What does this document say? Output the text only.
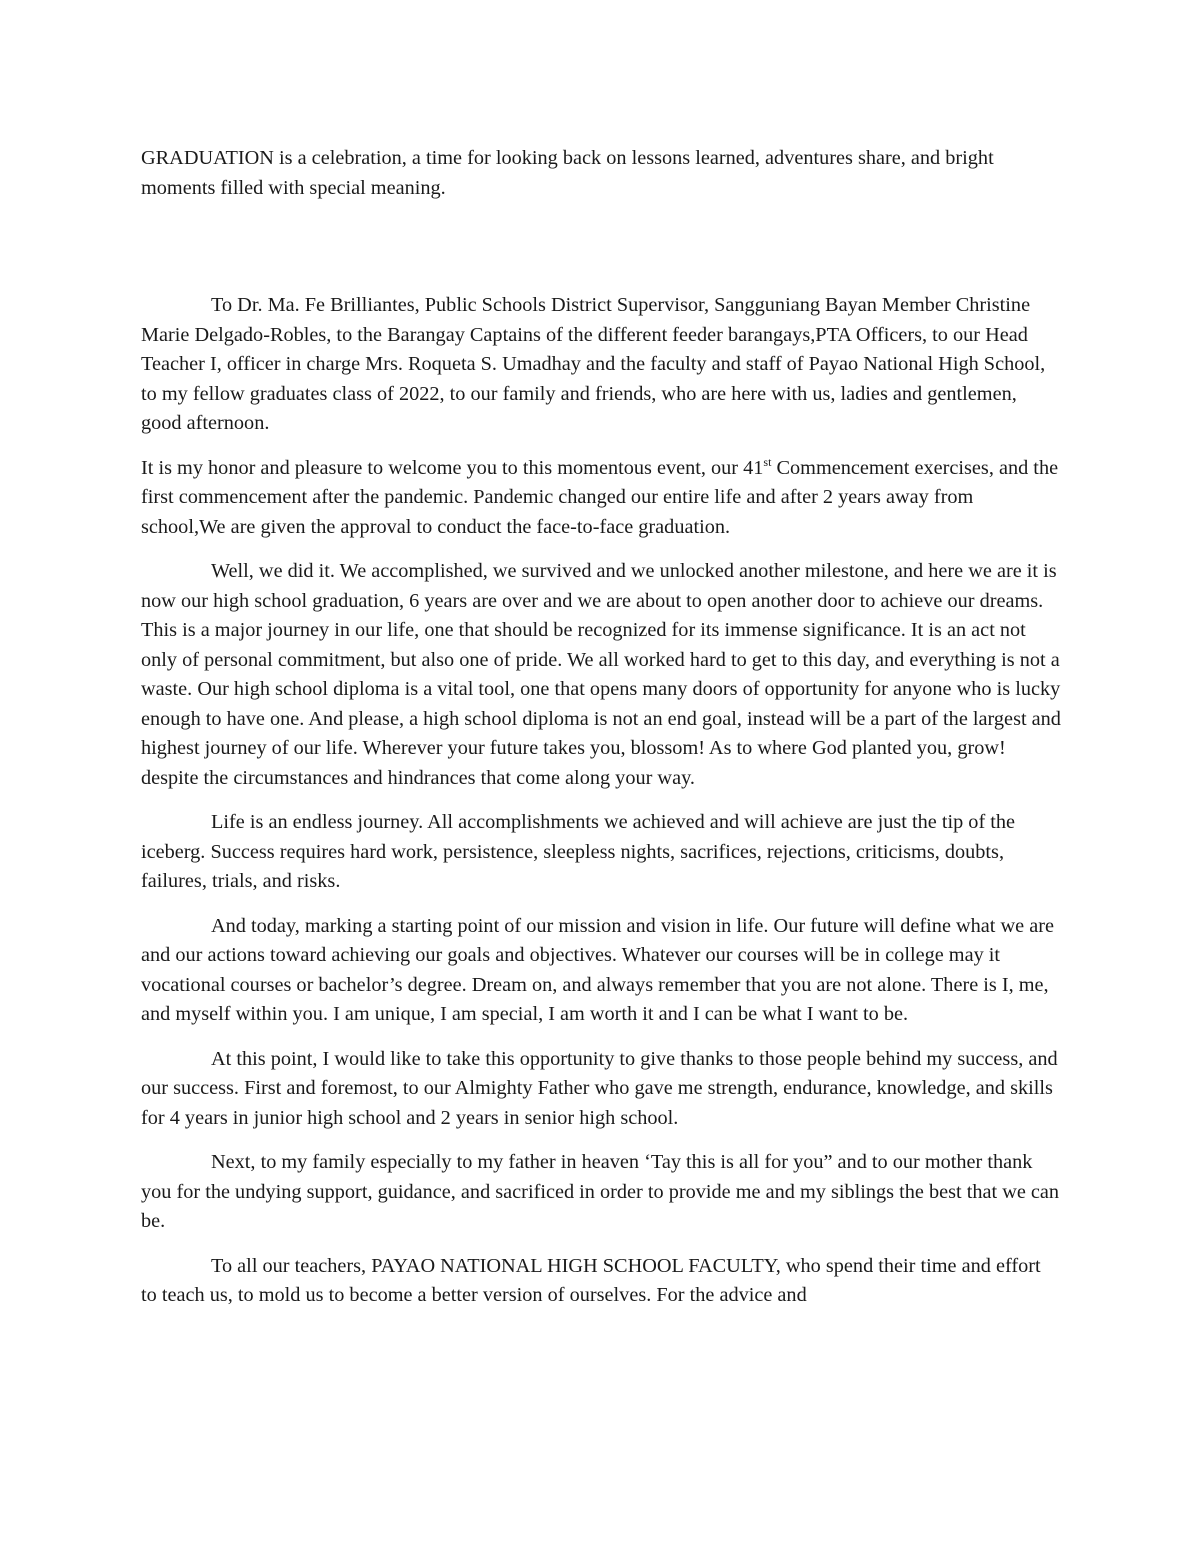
GRADUATION is a celebration, a time for looking back on lessons learned, adventures share, and bright moments filled with special meaning.

To Dr. Ma. Fe Brilliantes, Public Schools District Supervisor, Sangguniang Bayan Member Christine Marie Delgado-Robles, to the Barangay Captains of the different feeder barangays,PTA Officers, to our Head Teacher I, officer in charge Mrs. Roqueta S. Umadhay and the faculty and staff of Payao National High School, to my fellow graduates class of 2022, to our family and friends, who are here with us, ladies and gentlemen, good afternoon.

It is my honor and pleasure to welcome you to this momentous event, our 41st Commencement exercises, and the first commencement after the pandemic. Pandemic changed our entire life and after 2 years away from school,We are given the approval to conduct the face-to-face graduation.

Well, we did it. We accomplished, we survived and we unlocked another milestone, and here we are it is now our high school graduation, 6 years are over and we are about to open another door to achieve our dreams. This is a major journey in our life, one that should be recognized for its immense significance. It is an act not only of personal commitment, but also one of pride. We all worked hard to get to this day, and everything is not a waste. Our high school diploma is a vital tool, one that opens many doors of opportunity for anyone who is lucky enough to have one. And please, a high school diploma is not an end goal, instead will be a part of the largest and highest journey of our life. Wherever your future takes you, blossom! As to where God planted you, grow! despite the circumstances and hindrances that come along your way.

Life is an endless journey. All accomplishments we achieved and will achieve are just the tip of the iceberg. Success requires hard work, persistence, sleepless nights, sacrifices, rejections, criticisms, doubts, failures, trials, and risks.

And today, marking a starting point of our mission and vision in life. Our future will define what we are and our actions toward achieving our goals and objectives. Whatever our courses will be in college may it vocational courses or bachelor’s degree. Dream on, and always remember that you are not alone. There is I, me, and myself within you. I am unique, I am special, I am worth it and I can be what I want to be.

At this point, I would like to take this opportunity to give thanks to those people behind my success, and our success. First and foremost, to our Almighty Father who gave me strength, endurance, knowledge, and skills for 4 years in junior high school and 2 years in senior high school.

Next, to my family especially to my father in heaven ‘Tay this is all for you” and to our mother thank you for the undying support, guidance, and sacrificed in order to provide me and my siblings the best that we can be.

To all our teachers, PAYAO NATIONAL HIGH SCHOOL FACULTY, who spend their time and effort to teach us, to mold us to become a better version of ourselves. For the advice and
